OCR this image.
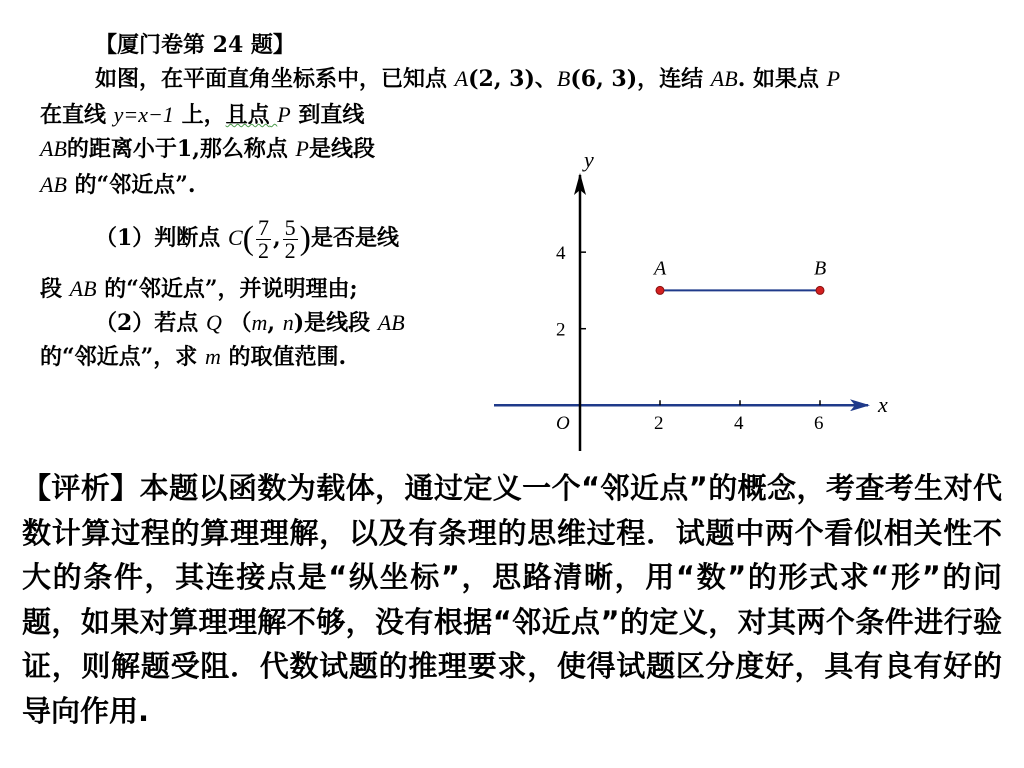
【厦门卷第 24 题】
如图，在平面直角坐标系中，已知点 A(2, 3)、B(6, 3)，连结 AB. 如果点 P
在直线 y=x−1 上，且点 P 到直线
AB的距离小于1,那么称点 P是线段
AB 的“邻近点”.
（1）判断点 $C( \frac{7}{2}$ , $\frac{5}{2}$ )是否是线
段 AB 的“邻近点”，并说明理由;
（2）若点 Q （m, n)是线段 AB
的“邻近点”，求 m 的取值范围.
x
y
O	2	4	6
2
4
A	B
【评析】本题以函数为载体，通过定义一个“邻近点”的概念，考查考生对代数计算过程的算理理解，以及有条理的思维过程．试题中两个看似相关性不大的条件，其连接点是“纵坐标”，思路清晰，用“数”的形式求“形”的问题，如果对算理理解不够，没有根据“邻近点”的定义，对其两个条件进行验证，则解题受阻．代数试题的推理要求，使得试题区分度好，具有良有好的导向作用.
